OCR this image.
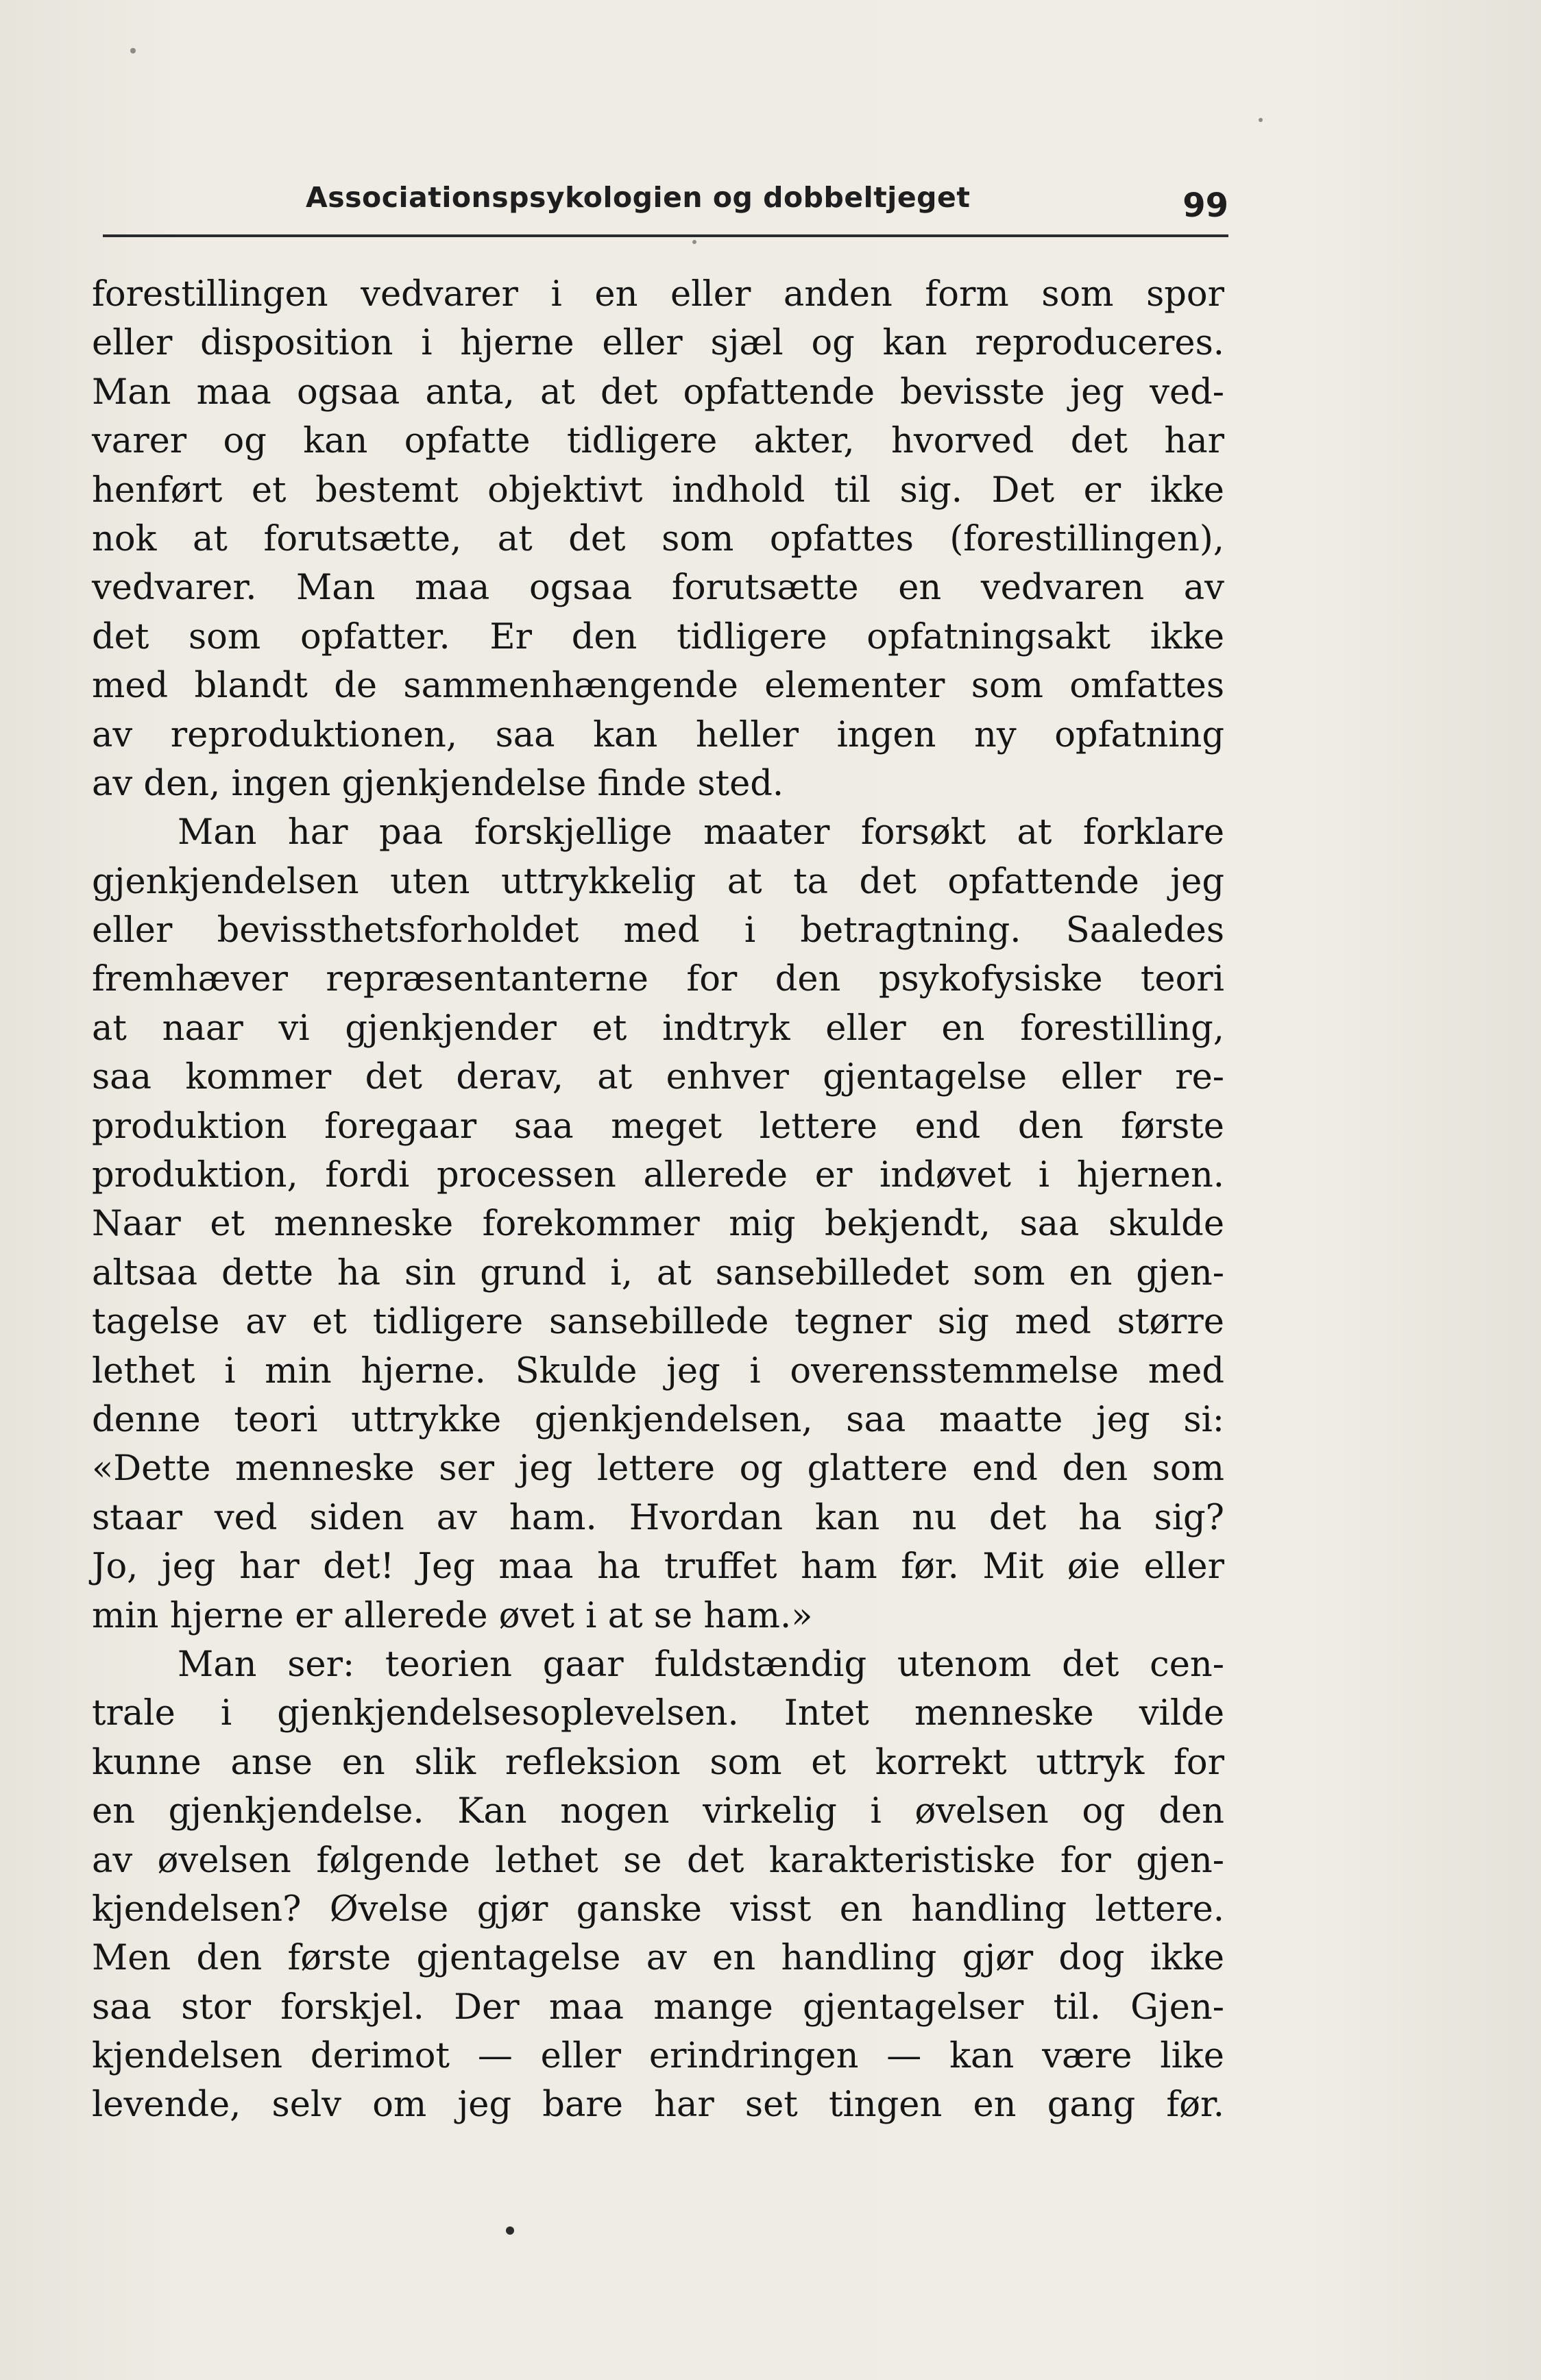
Associationspsykologien og dobbeltjeget	99
forestillingen vedvarer i en eller anden form som spor
eller disposition i hjerne eller sjæl og kan reproduceres.
Man maa ogsaa anta, at det opfattende bevisste jeg ved-
varer og kan opfatte tidligere akter, hvorved det har
henført et bestemt objektivt indhold til sig. Det er ikke
nok at forutsætte, at det som opfattes (forestillingen),
vedvarer. Man maa ogsaa forutsætte en vedvaren av
det som opfatter. Er den tidligere opfatningsakt ikke
med blandt de sammenhængende elementer som omfattes
av reproduktionen, saa kan heller ingen ny opfatning
av den, ingen gjenkjendelse finde sted.
Man har paa forskjellige maater forsøkt at forklare
gjenkjendelsen uten uttrykkelig at ta det opfattende jeg
eller bevissthetsforholdet med i betragtning. Saaledes
fremhæver repræsentanterne for den psykofysiske teori
at naar vi gjenkjender et indtryk eller en forestilling,
saa kommer det derav, at enhver gjentagelse eller re-
produktion foregaar saa meget lettere end den første
produktion, fordi processen allerede er indøvet i hjernen.
Naar et menneske forekommer mig bekjendt, saa skulde
altsaa dette ha sin grund i, at sansebilledet som en gjen-
tagelse av et tidligere sansebillede tegner sig med større
lethet i min hjerne. Skulde jeg i overensstemmelse med
denne teori uttrykke gjenkjendelsen, saa maatte jeg si:
«Dette menneske ser jeg lettere og glattere end den som
staar ved siden av ham. Hvordan kan nu det ha sig?
Jo, jeg har det! Jeg maa ha truffet ham før. Mit øie eller
min hjerne er allerede øvet i at se ham.»
Man ser: teorien gaar fuldstændig utenom det cen-
trale i gjenkjendelsesoplevelsen. Intet menneske vilde
kunne anse en slik refleksion som et korrekt uttryk for
en gjenkjendelse. Kan nogen virkelig i øvelsen og den
av øvelsen følgende lethet se det karakteristiske for gjen-
kjendelsen? Øvelse gjør ganske visst en handling lettere.
Men den første gjentagelse av en handling gjør dog ikke
saa stor forskjel. Der maa mange gjentagelser til. Gjen-
kjendelsen derimot — eller erindringen — kan være like
levende, selv om jeg bare har set tingen en gang før.
